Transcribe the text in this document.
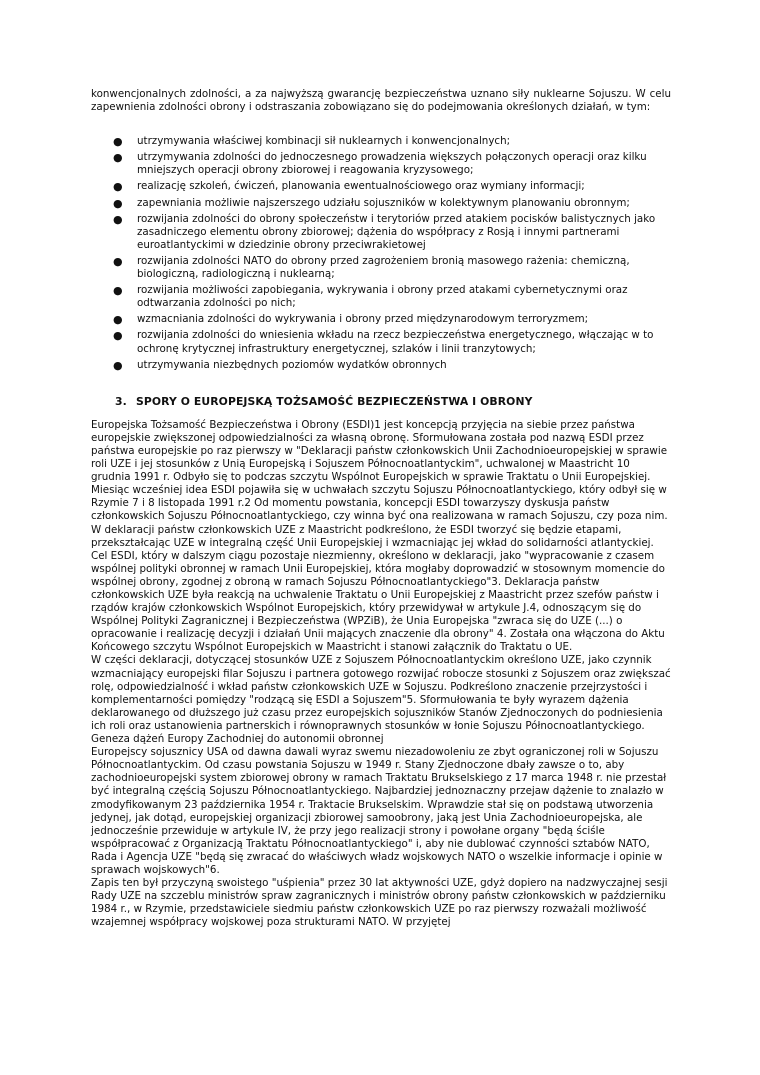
konwencjonalnych zdolności, a za najwyższą gwarancję bezpieczeństwa uznano siły nuklearne Sojuszu. W celu zapewnienia zdolności obrony i odstraszania zobowiązano się do podejmowania określonych działań, w tym:

● utrzymywania właściwej kombinacji sił nuklearnych i konwencjonalnych;
● utrzymywania zdolności do jednoczesnego prowadzenia większych połączonych operacji oraz kilku mniejszych operacji obrony zbiorowej i reagowania kryzysowego;
● realizację szkoleń, ćwiczeń, planowania ewentualnościowego oraz wymiany informacji;
● zapewniania możliwie najszerszego udziału sojuszników w kolektywnym planowaniu obronnym;
● rozwijania zdolności do obrony społeczeństw i terytoriów przed atakiem pocisków balistycznych jako zasadniczego elementu obrony zbiorowej; dążenia do współpracy z Rosją i innymi partnerami euroatlantyckimi w dziedzinie obrony przeciwrakietowej
● rozwijania zdolności NATO do obrony przed zagrożeniem bronią masowego rażenia: chemiczną, biologiczną, radiologiczną i nuklearną;
● rozwijania możliwości zapobiegania, wykrywania i obrony przed atakami cybernetycznymi oraz odtwarzania zdolności po nich;
● wzmacniania zdolności do wykrywania i obrony przed międzynarodowym terroryzmem;
● rozwijania zdolności do wniesienia wkładu na rzecz bezpieczeństwa energetycznego, włączając w to ochronę krytycznej infrastruktury energetycznej, szlaków i linii tranzytowych;
● utrzymywania niezbędnych poziomów wydatków obronnych
3. SPORY O EUROPEJSKĄ TOŻSAMOŚĆ BEZPIECZEŃSTWA I OBRONY

Europejska Tożsamość Bezpieczeństwa i Obrony (ESDI)1 jest koncepcją przyjęcia na siebie przez państwa europejskie zwiększonej odpowiedzialności za własną obronę. Sformułowana została pod nazwą ESDI przez państwa europejskie po raz pierwszy w "Deklaracji państw członkowskich Unii Zachodnioeuropejskiej w sprawie roli UZE i jej stosunków z Unią Europejską i Sojuszem Północnoatlantyckim", uchwalonej w Maastricht 10 grudnia 1991 r. Odbyło się to podczas szczytu Wspólnot Europejskich w sprawie Traktatu o Unii Europejskiej. Miesiąc wcześniej idea ESDI pojawiła się w uchwałach szczytu Sojuszu Północnoatlantyckiego, który odbył się w Rzymie 7 i 8 listopada 1991 r.2 Od momentu powstania, koncepcji ESDI towarzyszy dyskusja państw członkowskich Sojuszu Północnoatlantyckiego, czy winna być ona realizowana w ramach Sojuszu, czy poza nim.

W deklaracji państw członkowskich UZE z Maastricht podkreślono, że ESDI tworzyć się będzie etapami, przekształcając UZE w integralną część Unii Europejskiej i wzmacniając jej wkład do solidarności atlantyckiej. Cel ESDI, który w dalszym ciągu pozostaje niezmienny, określono w deklaracji, jako "wypracowanie z czasem wspólnej polityki obronnej w ramach Unii Europejskiej, która mogłaby doprowadzić w stosownym momencie do wspólnej obrony, zgodnej z obroną w ramach Sojuszu Północnoatlantyckiego"3. Deklaracja państw członkowskich UZE była reakcją na uchwalenie Traktatu o Unii Europejskiej z Maastricht przez szefów państw i rządów krajów członkowskich Wspólnot Europejskich, który przewidywał w artykule J.4, odnoszącym się do Wspólnej Polityki Zagranicznej i Bezpieczeństwa (WPZiB), że Unia Europejska "zwraca się do UZE (...) o opracowanie i realizację decyzji i działań Unii mających znaczenie dla obrony" 4. Została ona włączona do Aktu Końcowego szczytu Wspólnot Europejskich w Maastricht i stanowi załącznik do Traktatu o UE.

W części deklaracji, dotyczącej stosunków UZE z Sojuszem Północnoatlantyckim określono UZE, jako czynnik wzmacniający europejski filar Sojuszu i partnera gotowego rozwijać robocze stosunki z Sojuszem oraz zwiększać rolę, odpowiedzialność i wkład państw członkowskich UZE w Sojuszu. Podkreślono znaczenie przejrzystości i komplementarności pomiędzy "rodzącą się ESDI a Sojuszem"5. Sformułowania te były wyrazem dążenia deklarowanego od dłuższego już czasu przez europejskich sojuszników Stanów Zjednoczonych do podniesienia ich roli oraz ustanowienia partnerskich i równoprawnych stosunków w łonie Sojuszu Północnoatlantyckiego.

Geneza dążeń Europy Zachodniej do autonomii obronnej

Europejscy sojusznicy USA od dawna dawali wyraz swemu niezadowoleniu ze zbyt ograniczonej roli w Sojuszu Północnoatlantyckim. Od czasu powstania Sojuszu w 1949 r. Stany Zjednoczone dbały zawsze o to, aby zachodnioeuropejski system zbiorowej obrony w ramach Traktatu Brukselskiego z 17 marca 1948 r. nie przestał być integralną częścią Sojuszu Północnoatlantyckiego. Najbardziej jednoznaczny przejaw dążenie to znalazło w zmodyfikowanym 23 października 1954 r. Traktacie Brukselskim. Wprawdzie stał się on podstawą utworzenia jedynej, jak dotąd, europejskiej organizacji zbiorowej samoobrony, jaką jest Unia Zachodnioeuropejska, ale jednocześnie przewiduje w artykule IV, że przy jego realizacji strony i powołane organy "będą ściśle współpracować z Organizacją Traktatu Północnoatlantyckiego" i, aby nie dublować czynności sztabów NATO, Rada i Agencja UZE "będą się zwracać do właściwych władz wojskowych NATO o wszelkie informacje i opinie w sprawach wojskowych"6.

Zapis ten był przyczyną swoistego "uśpienia" przez 30 lat aktywności UZE, gdyż dopiero na nadzwyczajnej sesji Rady UZE na szczeblu ministrów spraw zagranicznych i ministrów obrony państw członkowskich w październiku 1984 r., w Rzymie, przedstawiciele siedmiu państw członkowskich UZE po raz pierwszy rozważali możliwość wzajemnej współpracy wojskowej poza strukturami NATO. W przyjętej
